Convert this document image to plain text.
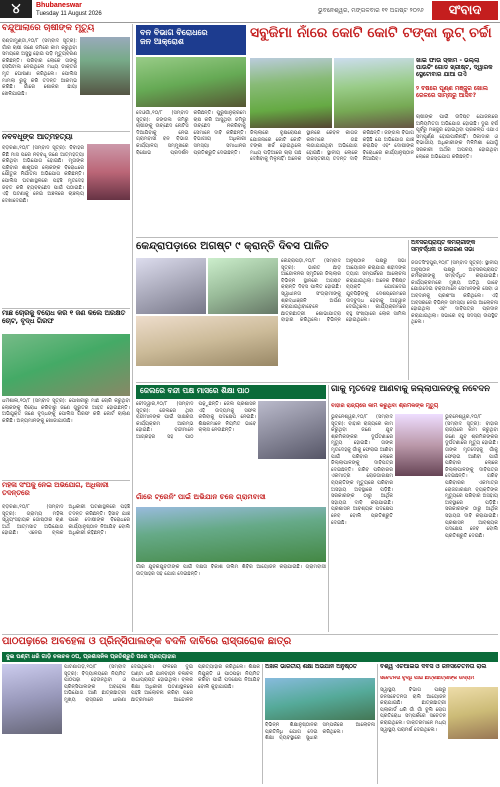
୪	Bhubaneswar
Tuesday 11 August 2026	ଭୁବନେଶ୍ୱର, ମଙ୍ଗଳବାର ୧୧ ଅଗଷ୍ଟ ୨୦୨୬	ସଂବାଦ
ବନ୍ଦୁଆଲାରେ ଚାଷୀଙ୍କ ମୃତ୍ୟୁ
ବଣ୍ଡାମୁଣ୍ଡା,୧୦/୮ (ସମ୍ବାଦ ସୂତ୍ର): ଗାଁର ଚାଷୀ ଜଣେ ଜମିରେ କାମ କରୁଥିବା ସମୟରେ ଅସୁସ୍ଥ ହୋଇ ପଡ଼ି ମୃତ୍ୟୁବରଣ କରିଛନ୍ତି। ପରିବାର ଲୋକେ ତାଙ୍କୁ ହସ୍ପିଟାଲ ନେଇଥିଲେ ମଧ୍ୟ ଡାକ୍ତର ମୃତ ଘୋଷଣା କରିଥିଲେ। ପୋଲିସ ମାମଲା ରୁଜୁ କରି ତଦନ୍ତ ଆରମ୍ଭ କରିଛି। ଗାଁରେ ଶୋକର ଛାୟା ଖେଳିଯାଇଛି।
ନବବଧୂଙ୍କ ଆତ୍ମହତ୍ୟା
ବଡ଼ଚଣା,୧୦/୮ (ସମ୍ବାଦ ସୂତ୍ର): ବିବାହର କିଛି ମାସ ପରେ ନବବଧୂ ଜଣେ ଆତ୍ମହତ୍ୟା କରିଥିବା ଅଭିଯୋଗ ହୋଇଛି। ମୃତାଙ୍କ ପରିବାର ଶାଶୂଘର ଲୋକଙ୍କ ବିରୋଧରେ ଯୌତୁକ ନିର୍ଯାତନା ଅଭିଯୋଗ କରିଛନ୍ତି। ପୋଲିସ ଘଟଣାସ୍ଥଳରେ ପହଞ୍ଚି ମୃତଦେହ ଜବତ କରି ବ୍ୟବଚ୍ଛେଦ ପାଇଁ ପଠାଇଛି। ଏହି ଘଟଣାକୁ ନେଇ ଅଞ୍ଚଳରେ ଚାଞ୍ଚଲ୍ୟ ଦେଖାଦେଇଛି।
ମାଛ ଚୋରିକୁ ବିରୋଧ କରି ୧ ଜଣ କିଲେ ଅରକ୍ଷିତ ଚୋଟ, ବୃଦ୍ଧ ଗିରଫ
ଧର୍ମଶାଳା,୧୦/୮ (ସମ୍ବାଦ ସୂତ୍ର): ପୋଖରୀରୁ ମାଛ ଚୋରି କରୁଥିବା ଲୋକଙ୍କୁ ବିରୋଧ କରିବାରୁ ଜଣେ ଗୁରୁତର ଆହତ ହୋଇଛନ୍ତି। ଅଭିଯୁକ୍ତ ଜଣେ ବୃଦ୍ଧଙ୍କୁ ପୋଲିସ ଗିରଫ କରି କୋର୍ଟ ଚାଲାଣ କରିଛି। ଅନ୍ୟମାନଙ୍କୁ ଖୋଜାଯାଉଛି।
ମହିଳା ସଂଘକୁ ନେଇ ଅଭିଯୋଗ, ଅଧିକାରୀ ତଦନ୍ତରେ
ବଡ଼ଚଣା,୧୦/୮ (ସମ୍ବାଦ ସୂତ୍ର): ଗ୍ରାମ୍ୟ ମହିଳା ସ୍ୱୟଂସହାୟକ ଗୋଷ୍ଠୀର ଋଣ ଅର୍ଥ ଆତ୍ମସାତ ଅଭିଯୋଗ ହୋଇଛି। ଏନେଇ ବ୍ଲକ ଅଧିକାରୀ ଘଟଣାସ୍ଥଳରେ ପହଞ୍ଚି ତଦନ୍ତ କରିଛନ୍ତି। ହିସାବ ଯାଞ୍ଚ ପରେ ଦୋଷୀଙ୍କ ବିରୋଧରେ କାର୍ଯ୍ୟାନୁଷ୍ଠାନ ନିଆଯିବ ବୋଲି ଅଧିକାରୀ କହିଛନ୍ତି।
ବନ ବିଭାଗ ବିରୋଧରେ
ଜନ ଆକ୍ରୋଶ
ଦେଓଗାଁ,୧୦/୮ (ସମ୍ବାଦ ସୂତ୍ର): ଜଙ୍ଗଲ ଜମିରୁ ଚାଷୀଙ୍କୁ ଉଚ୍ଛେଦ ନୋଟିସ ଦିଆଯିବାକୁ ନେଇ ଗ୍ରାମବାସୀ ବନ ବିଭାଗ କାର୍ଯ୍ୟାଳୟ ସମ୍ମୁଖରେ ବିକ୍ଷୋଭ ପ୍ରଦର୍ଶନ କରିଛନ୍ତି। ପୁରୁଷାନୁକ୍ରମେ ଚାଷ କରି ଆସୁଥିବା ଜମିରୁ ଉଚ୍ଛେଦ ନକରିବାକୁ ସେମାନେ ଦାବି କରିଛନ୍ତି। ବିଭାଗୀୟ ଅଧିକାରୀ ସମସ୍ୟା ସମାଧାନର ପ୍ରତିଶ୍ରୁତି ଦେଇଛନ୍ତି।
ସବୁଜିମା ନାଁରେ କୋଟି କୋଟି ଟଙ୍କା ଲୁଟ୍ ଚର୍ଚ୍ଚା
ଜିଲ୍ଲାରେ ବୃକ୍ଷରୋପଣ ଯୋଜନାରେ କୋଟି କୋଟି ଟଙ୍କା ଖର୍ଚ୍ଚ ହୋଇଥିଲେ ମଧ୍ୟ ପଡ଼ିଆରେ ଚାରା ଗଛ ଦେଖିବାକୁ ମିଳୁନାହିଁ। ଅନେକ ସ୍ଥାନରେ କେବଳ କାଗଜ କଲମରେ ଗଛ ଲଗାଯାଇଥିବା ଅଭିଯୋଗ ହୋଇଛି। ସ୍ଥାନୀୟ ଲୋକେ ଉଚ୍ଚସ୍ତରୀୟ ତଦନ୍ତ ଦାବି କରିଛନ୍ତି। ଜଙ୍ଗଲ ବିଭାଗ କହିଛି ଯେ ଅଭିଯୋଗ ଯାଞ୍ଚ କରାଯିବ ଏବଂ ଦୋଷୀଙ୍କ ବିରୋଧରେ କାର୍ଯ୍ୟାନୁଷ୍ଠାନ ନିଆଯିବ।
ଖାଇଁ ଫାଉ ସ୍କାମ - ଭଲ୍ଲା ପାଉଚିଂ ଗୋଡ ଖ୍ରୀଷ୍ଟ, ଦ୍ୱାରକ ସ୍ଥେଟୋବାର ଯାଆ ତାଏି
୨ ବର୍ଷରେ ପୂର୍ଣ୍ଣ ମଞ୍ଜୁର ଖୋଲ ରେଳରେ ସାମ୍ନାରୁ ଆସିବ?
ଚାଷୀଙ୍କ ପାଇଁ ଉଦ୍ଦିଷ୍ଟ ଯୋଜନାରେ ଅନିୟମିତତା ଅଭିଯୋଗ ହୋଇଛି। ଦୁଇ ବର୍ଷ ପୂର୍ବରୁ ମଞ୍ଜୁର ହୋଇଥିବା ପ୍ରକଳ୍ପ ଏଯାଏ ସମ୍ପୂର୍ଣ୍ଣ ହୋଇପାରିନାହିଁ। ଠିକାଦାର ଓ ବିଭାଗୀୟ ଅଧିକାରୀଙ୍କ ମିଳିମିଶା ଯୋଗୁଁ ସରକାରୀ ଅର୍ଥର ଅପଚୟ ହୋଇଥିବା ଲୋକେ ଅଭିଯୋଗ କରିଛନ୍ତି।
କେନ୍ଦ୍ରାପଡ଼ାରେ ଅଗଷ୍ଟ ୯ କ୍ରାନ୍ତି ଦିବସ ପାଳିତ
କେନ୍ଦ୍ରାପଡ଼ା,୧୦/୮ (ସମ୍ବାଦ ସୂତ୍ର): ଭାରତ ଛାଡ଼ ଆନ୍ଦୋଳନର ସ୍ମୃତିରେ ଜିଲ୍ଲାର ବିଭିନ୍ନ ସ୍ଥାନରେ ଅଗଷ୍ଟ କ୍ରାନ୍ତି ଦିବସ ପାଳିତ ହୋଇଛି। ସ୍ୱାଧୀନତା ସଂଗ୍ରାମୀଙ୍କୁ ଶ୍ରଦ୍ଧାଞ୍ଜଳି ଅର୍ପଣ କରାଯାଇଥିବାବେଳେ ଛାତ୍ରଛାତ୍ରୀ ଶୋଭାଯାତ୍ରା ବାହାର କରିଥିଲେ। ବିଭିନ୍ନ ଅନୁଷ୍ଠାନ ପକ୍ଷରୁ ସଭା ଆୟୋଜନ କରାଯାଇ ଶହୀଦଙ୍କ ତ୍ୟାଗ ସମ୍ପର୍କରେ ଆଲୋଚନା କରାଯାଇଥିଲା। ଅନେକ ବିଶିଷ୍ଟ ବ୍ୟକ୍ତି ଯୋଗଦେଇ ଯୁବପିଢ଼ିଙ୍କୁ ଦେଶପ୍ରେମରେ ଉଦ୍ବୁଦ୍ଧ ହେବାକୁ ଆହ୍ୱାନ ଦେଇଥିଲେ। କାର୍ଯ୍ୟକ୍ରମରେ ବହୁ ସଂଖ୍ୟାରେ ଲୋକ ସାମିଲ ହୋଇଥିଲେ।
ଅବସରପ୍ରାପ୍ତ କର୍ମଚାରୀଙ୍କ ସମ୍ବର୍ଦ୍ଧନା ଓ ଜାଗରଣ ସଭା
ଜଗତସିଂହପୁର,୧୦/୮ (ସମ୍ବାଦ ସୂତ୍ର): ସ୍ଥାନୀୟ ଅନୁଷ୍ଠାନ ପକ୍ଷରୁ ଅବସରପ୍ରାପ୍ତ କର୍ମଚାରୀଙ୍କୁ ସମ୍ବର୍ଦ୍ଧିତ କରାଯାଇଛି। କାର୍ଯ୍ୟକ୍ରମରେ ମୁଖ୍ୟ ଅତିଥି ଭାବେ ଯୋଗଦେଇ ବକ୍ତାମାନେ ସେମାନଙ୍କ ସେବା ଓ ଅବଦାନକୁ ପ୍ରଶଂସା କରିଥିଲେ। ଏହି ଅବସରରେ ବିଭିନ୍ନ ସମସ୍ୟା ନେଇ ଆଲୋଚନା ହୋଇଥିଲା ଏବଂ ଦାବିପତ୍ର ପ୍ରଦାନ କରାଯାଇଥିଲା। ସଭାରେ ବହୁ ସଦସ୍ୟ ଉପସ୍ଥିତ ଥିଲେ।
ଜେଲରେ ବନ୍ଦୀ ପକ୍ଷ ମାସରେ ଶିକ୍ଷା ପାଠ
ଚୌଦ୍ୱାର,୧୦/୮ (ସମ୍ବାଦ ସୂତ୍ର): ଜେଲରେ ଥିବା ବନ୍ଦୀମାନଙ୍କ ପାଇଁ ସାକ୍ଷରତା କାର୍ଯ୍ୟକ୍ରମ ଆରମ୍ଭ ହୋଇଛି। ବନ୍ଦୀମାନେ ଆଗ୍ରହର ସହ ପାଠ ପଢ଼ୁଛନ୍ତି। ଜେଲ ପ୍ରଶାସନ ଏହି ଉଦ୍ୟମକୁ ସଫଳ କରିବାକୁ ପଦକ୍ଷେପ ନେଇଛି। ଶିକ୍ଷକମାନେ ନିୟମିତ ଭାବେ କ୍ଲାସ ନେଉଛନ୍ତି।
ଗାଁରେ ଟ୍ରେନିଂ ପାଇଁ ଅଭିଯାନ ଚଳେ ଗ୍ରାମବାସୀ
ଗାଁର ଯୁବକଯୁବତୀଙ୍କ ପାଇଁ ଦକ୍ଷତା ବିକାଶ ତାଲିମ ଶିବିର ଆୟୋଜନ କରାଯାଇଛି। ଗ୍ରାମବାସୀ ଉତ୍ସାହର ସହ ଯୋଗ ଦେଇଛନ୍ତି।
ଗାଁକୁ ମୃତଦେହ ଆଣିବାକୁ ଜିଲ୍ଲାପାଳଙ୍କୁ ନିବେଦନ
ବାହାର ରାଜ୍ୟରେ କାମ କରୁଥିବା ଶ୍ରମିକଙ୍କ ମୃତ୍ୟୁ
ଭୁବନେଶ୍ୱର,୧୦/୮ (ସମ୍ବାଦ ସୂତ୍ର): ବାହାର ରାଜ୍ୟରେ କାମ କରୁଥିବା ଜଣେ ଯୁବ ଶ୍ରମିକଙ୍କର ଦୁର୍ଘଟଣାରେ ମୃତ୍ୟୁ ହୋଇଛି। ତାଙ୍କ ମୃତଦେହକୁ ଗାଁକୁ ଫେରାଇ ଆଣିବା ପାଇଁ ପରିବାର ଲୋକେ ଜିଲ୍ଲାପାଳଙ୍କୁ ଦାବିପତ୍ର ଦେଇଛନ୍ତି। ଗରିବ ପରିବାରର ଏକମାତ୍ର ରୋଜଗାରକ୍ଷମ ବ୍ୟକ୍ତିଙ୍କ ମୃତ୍ୟୁରେ ପରିବାର ଅସହାୟ ଅବସ୍ଥାରେ ପଡ଼ିଛି। ସରକାରଙ୍କ ଠାରୁ ଆର୍ଥିକ ସହାୟତା ଦାବି କରାଯାଇଛି। ପ୍ରଶାସନ ଆବଶ୍ୟକ ପଦକ୍ଷେପ ନେବ ବୋଲି ପ୍ରତିଶ୍ରୁତି ଦେଇଛି।
ଭୁବନେଶ୍ୱର,୧୦/୮ (ସମ୍ବାଦ ସୂତ୍ର): ବାହାର ରାଜ୍ୟରେ କାମ କରୁଥିବା ଜଣେ ଯୁବ ଶ୍ରମିକଙ୍କର ଦୁର୍ଘଟଣାରେ ମୃତ୍ୟୁ ହୋଇଛି। ତାଙ୍କ ମୃତଦେହକୁ ଗାଁକୁ ଫେରାଇ ଆଣିବା ପାଇଁ ପରିବାର ଲୋକେ ଜିଲ୍ଲାପାଳଙ୍କୁ ଦାବିପତ୍ର ଦେଇଛନ୍ତି। ଗରିବ ପରିବାରର ଏକମାତ୍ର ରୋଜଗାରକ୍ଷମ ବ୍ୟକ୍ତିଙ୍କ ମୃତ୍ୟୁରେ ପରିବାର ଅସହାୟ ଅବସ୍ଥାରେ ପଡ଼ିଛି। ସରକାରଙ୍କ ଠାରୁ ଆର୍ଥିକ ସହାୟତା ଦାବି କରାଯାଇଛି। ପ୍ରଶାସନ ଆବଶ୍ୟକ ପଦକ୍ଷେପ ନେବ ବୋଲି ପ୍ରତିଶ୍ରୁତି ଦେଇଛି।
ପାଠପଢ଼ାରେ ଅବହେଳା ଓ ପ୍ରିନ୍ସିପାଲଙ୍କ ବଦଳି ଦାବିରେ ରାସ୍ତାରୋକ ଛାତ୍ର
ଦୁଇ ଘଣ୍ଟା ଧରି ଗାଡ଼ି ଚଳାଚଳ ଠପ, ପ୍ରଶାସନିକ ପ୍ରତିଶ୍ରୁତି ପରେ ପ୍ରତ୍ୟାହାର
ପାଟଣାଗଡ଼,୧୦/୮ (ସମ୍ବାଦ ସୂତ୍ର): ବିଦ୍ୟାଳୟରେ ନିୟମିତ ପାଠପଢ଼ା ହେଉନଥିବା ଓ ପ୍ରିନ୍ସିପାଲଙ୍କ ଅବହେଳା ଅଭିଯୋଗ ଆଣି ଛାତ୍ରଛାତ୍ରୀ ମୁଖ୍ୟ ରାସ୍ତାରେ ଧାରଣା ଦେଇଥିଲେ। ଫଳରେ ଦୁଇ ଘଣ୍ଟା ଧରି ଯାନବାହନ ଚଳାଚଳ ବାଧାପ୍ରାପ୍ତ ହୋଇଥିଲା। ବ୍ଲକ ଶିକ୍ଷା ଅଧିକାରୀ ଘଟଣାସ୍ଥଳରେ ପହଞ୍ଚି ଆଲୋଚନା କରିବା ପରେ ଛାତ୍ରମାନେ ଆନ୍ଦୋଳନ ପ୍ରତ୍ୟାହାର କରିଥିଲେ। ଶିକ୍ଷକ ନିଯୁକ୍ତି ଓ ପାଠପଢ଼ା ନିୟମିତ କରିବା ପାଇଁ ପଦକ୍ଷେପ ନିଆଯିବ ବୋଲି କୁହାଯାଇଛି।
ଅଖିଳ ଭାରତୀୟ ଶିକ୍ଷା ଅଭିଯାନ ଅନୁଷ୍ଠିତ
ବିଭିନ୍ନ ଶିକ୍ଷାନୁଷ୍ଠାନର ପ୍ରତିନିଧି ଯୋଗ ଦେଇ ଶିକ୍ଷା ବ୍ୟବସ୍ଥାରେ ସୁଧାର ସମ୍ପର୍କରେ ଆଲୋଚନା କରିଥିଲେ।
ବିଶ୍ୱ ଏଚଆଇଭି ଦିବସ ଓ ଜନସଚେତନତା ରାଲି
ସଚେତନତା ବୃଦ୍ଧି ପାଇଁ ଛାତ୍ରଛାତ୍ରୀଙ୍କ ଉଦ୍ୟମ
ସ୍ୱାସ୍ଥ୍ୟ ବିଭାଗ ପକ୍ଷରୁ ଜନସଚେତନତା ରାଲି ଆୟୋଜନ କରାଯାଇଛି। ଛାତ୍ରଛାତ୍ରୀ ପ୍ଲାକାର୍ଡ ଧରି ଗାଁ ଗାଁ ବୁଲି ରୋଗ ପ୍ରତିରୋଧ ସମ୍ପର୍କରେ ସଚେତନ କରାଇଥିଲେ। ଡାକ୍ତରମାନେ ମଧ୍ୟ ସ୍ୱାସ୍ଥ୍ୟ ପରାମର୍ଶ ଦେଇଥିଲେ।
